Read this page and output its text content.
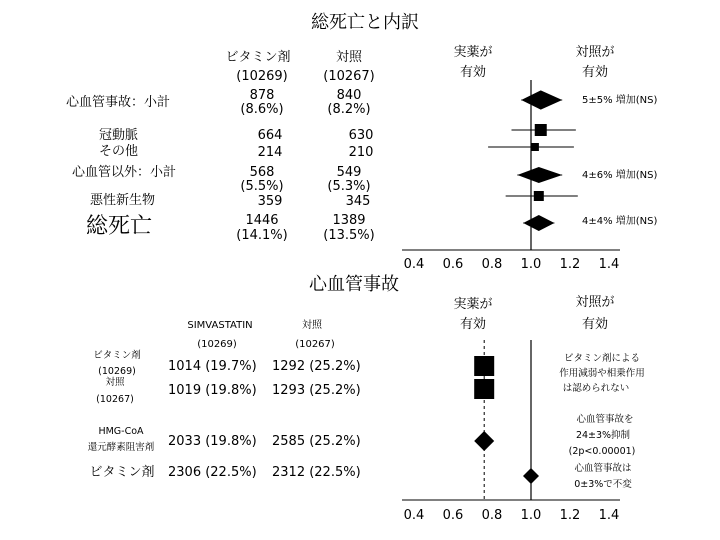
総死亡と内訳
ビタミン剤
(10269)
対照
(10267)
実薬が
有効
対照が
有効
心血管事故：小計
冠動脈
その他
心血管以外：小計
悪性新生物
総死亡
878
(8.6%)
664
214
568
(5.5%)
359
1446
(14.1%)
840
(8.2%)
630
210
549
(5.3%)
345
1389
(13.5%)
5±5% 増加(NS)
4±6% 増加(NS)
4±4% 増加(NS)
0.4 0.6 0.8 1.0 1.2 1.4
心血管事故
SIMVASTATIN
(10269)
対照
(10267)
実薬が
有効
対照が
有効
ビタミン剤
(10269)
対照
(10267)
HMG-CoA
還元酵素阻害剤
ビタミン剤
1014 (19.7%) 1292 (25.2%)
1019 (19.8%) 1293 (25.2%)
2033 (19.8%) 2585 (25.2%)
2306 (22.5%) 2312 (22.5%)
ビタミン剤による
作用減弱や相乗作用
は認められない
心血管事故を
24±3%抑制
(2p<0.00001)
心血管事故は
0±3%で不変
0.4 0.6 0.8 1.0 1.2 1.4
